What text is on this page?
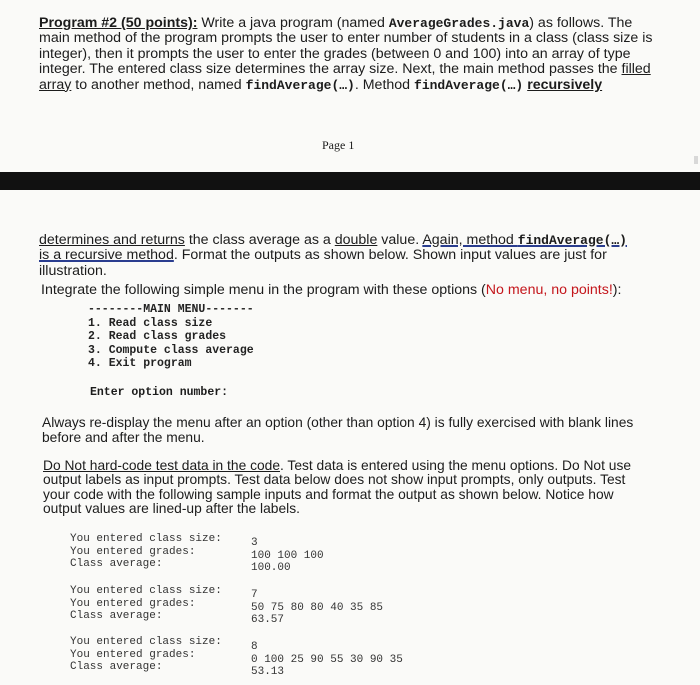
Program #2 (50 points): Write a java program (named AverageGrades.java) as follows. The main method of the program prompts the user to enter number of students in a class (class size is integer), then it prompts the user to enter the grades (between 0 and 100) into an array of type integer. The entered class size determines the array size. Next, the main method passes the filled array to another method, named findAverage(…). Method findAverage(…) recursively
Page 1
determines and returns the class average as a double value. Again, method findAverage(…) is a recursive method. Format the outputs as shown below. Shown input values are just for illustration.
Integrate the following simple menu in the program with these options (No menu, no points!):
--------MAIN MENU-------
1. Read class size
2. Read class grades
3. Compute class average
4. Exit program
Enter option number:
Always re-display the menu after an option (other than option 4) is fully exercised with blank lines before and after the menu.
Do Not hard-code test data in the code. Test data is entered using the menu options. Do Not use output labels as input prompts. Test data below does not show input prompts, only outputs. Test your code with the following sample inputs and format the output as shown below. Notice how output values are lined-up after the labels.
You entered class size:
You entered grades:
Class average:
3
100 100 100
100.00
You entered class size:
You entered grades:
Class average:
7
50 75 80 80 40 35 85
63.57
You entered class size:
You entered grades:
Class average:
8
0 100 25 90 55 30 90 35
53.13
